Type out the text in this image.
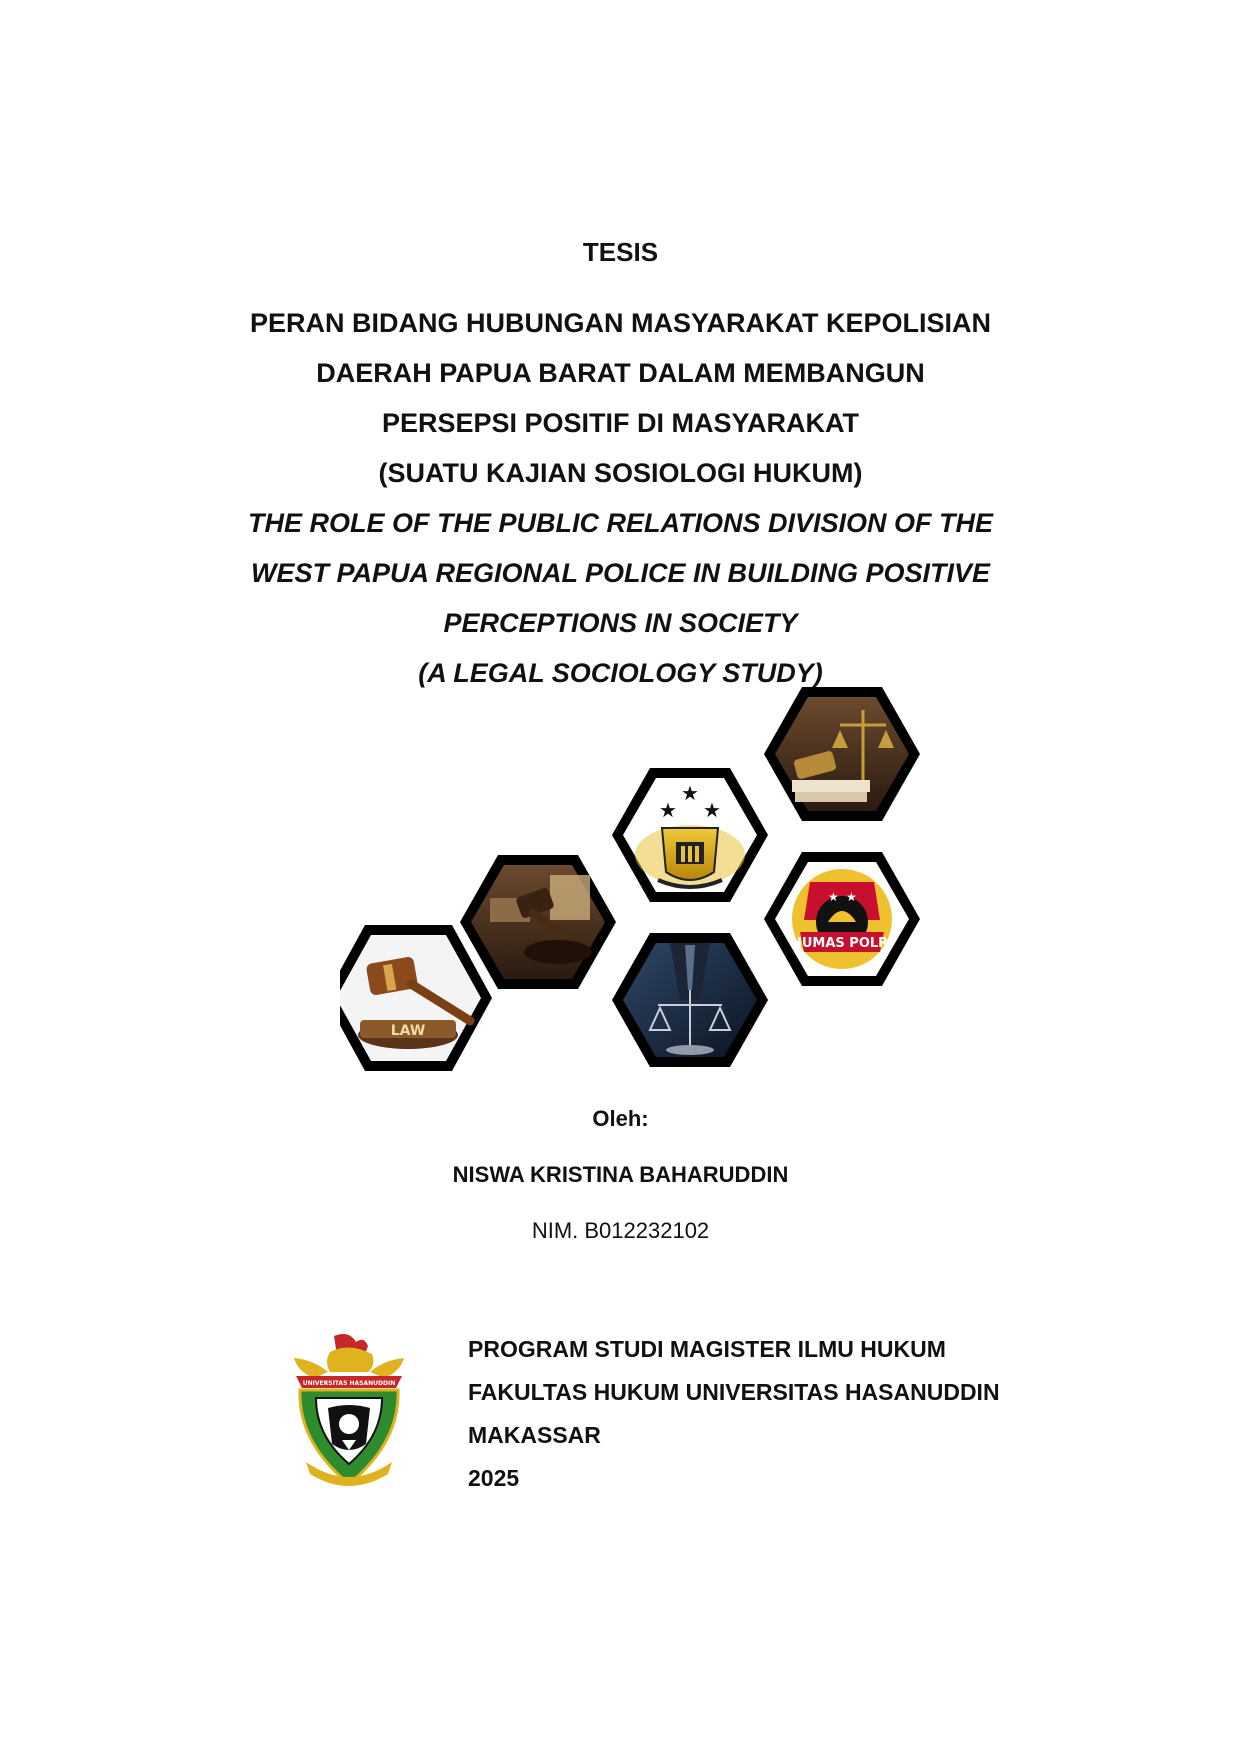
TESIS
PERAN BIDANG HUBUNGAN MASYARAKAT KEPOLISIAN
DAERAH PAPUA BARAT DALAM MEMBANGUN
PERSEPSI POSITIF DI MASYARAKAT
(SUATU KAJIAN SOSIOLOGI HUKUM)
THE ROLE OF THE PUBLIC RELATIONS DIVISION OF THE
WEST PAPUA REGIONAL POLICE IN BUILDING POSITIVE
PERCEPTIONS IN SOCIETY
(A LEGAL SOCIOLOGY STUDY)
LAW
★
★ ★
★ ★
HUMAS POLRI

Oleh:

NISWA KRISTINA BAHARUDDIN

NIM. B012232102

UNIVERSITAS HASANUDDIN
PROGRAM STUDI MAGISTER ILMU HUKUM
FAKULTAS HUKUM UNIVERSITAS HASANUDDIN
MAKASSAR
2025
